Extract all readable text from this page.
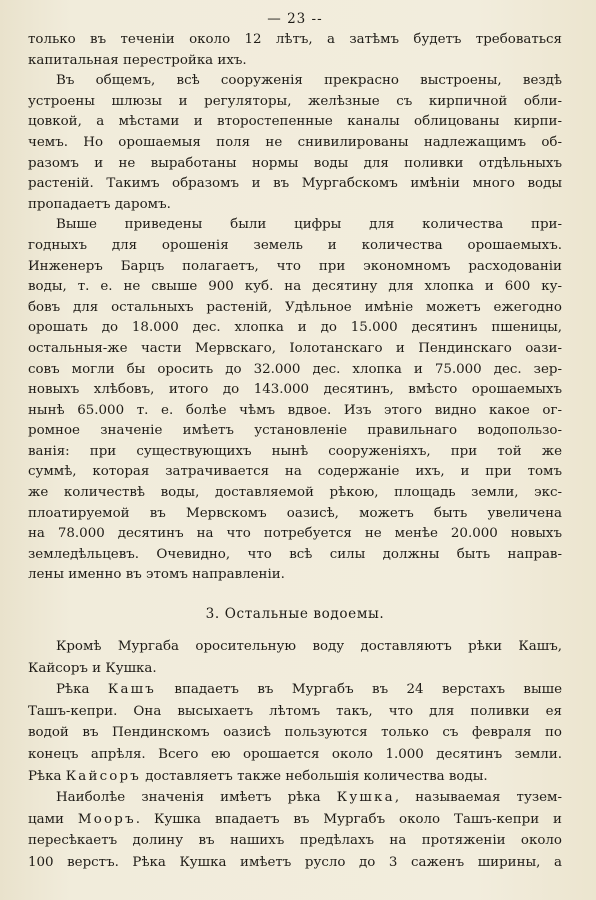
— 23 --
только въ теченіи около 12 лѣтъ, а затѣмъ будетъ требоваться
капитальная перестройка ихъ.
Въ общемъ, всѣ сооруженія прекрасно выстроены, вездѣ
устроены шлюзы и регуляторы, желѣзные съ кирпичной обли-
цовкой, а мѣстами и второстепенные каналы облицованы кирпи-
чемъ. Но орошаемыя поля не снивилированы надлежащимъ об-
разомъ и не выработаны нормы воды для поливки отдѣльныхъ
растеній. Такимъ образомъ и въ Мургабскомъ имѣніи много воды
пропадаетъ даромъ.
Выше приведены были цифры для количества при-
годныхъ для орошенія земель и количества орошаемыхъ.
Инженеръ Барцъ полагаетъ, что при экономномъ расходованіи
воды, т. е. не свыше 900 куб. на десятину для хлопка и 600 ку-
бовъ для остальныхъ растеній, Удѣльное имѣніе можетъ ежегодно
орошать до 18.000 дес. хлопка и до 15.000 десятинъ пшеницы,
остальныя-же части Мервскаго, Іолотанскаго и Пендинскаго оази-
совъ могли бы оросить до 32.000 дес. хлопка и 75.000 дес. зер-
новыхъ хлѣбовъ, итого до 143.000 десятинъ, вмѣсто орошаемыхъ
нынѣ 65.000 т. е. болѣе чѣмъ вдвое. Изъ этого видно какое ог-
ромное значеніе имѣетъ установленіе правильнаго водопользо-
ванія: при существующихъ нынѣ сооруженіяхъ, при той же
суммѣ, которая затрачивается на содержаніе ихъ, и при томъ
же количествѣ воды, доставляемой рѣкою, площадь земли, экс-
плоатируемой въ Мервскомъ оазисѣ, можетъ быть увеличена
на 78.000 десятинъ на что потребуется не менѣе 20.000 новыхъ
земледѣльцевъ. Очевидно, что всѣ силы должны быть направ-
лены именно въ этомъ направленіи.
3. Остальные водоемы.
Кромѣ Мургаба оросительную воду доставляютъ рѣки Кашъ,
Кайсоръ и Кушка.
Рѣка Кашъ впадаетъ въ Мургабъ въ 24 верстахъ выше
Ташъ-кепри. Она высыхаетъ лѣтомъ такъ, что для поливки ея
водой въ Пендинскомъ оазисѣ пользуются только съ февраля по
конецъ апрѣля. Всего ею орошается около 1.000 десятинъ земли.
Рѣка Кайсоръ доставляетъ также небольшія количества воды.
Наиболѣе значенія имѣетъ рѣка Кушка, называемая тузем-
цами Мооръ. Кушка впадаетъ въ Мургабъ около Ташъ-кепри и
пересѣкаетъ долину въ нашихъ предѣлахъ на протяженіи около
100 верстъ. Рѣка Кушка имѣетъ русло до 3 саженъ ширины, а
